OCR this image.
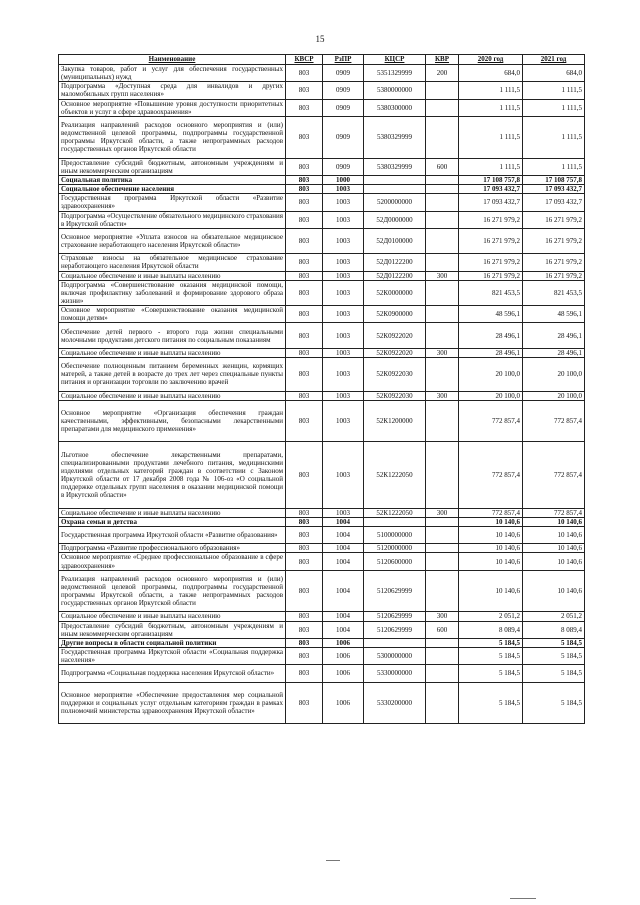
15
Наименование	КВСР	РзПР	КЦСР	КВР	2020 год	2021 год
Закупка товаров, работ и услуг для обеспечения государственных (муниципальных) нужд	803	0909	5351329999	200	684,0	684,0
Подпрограмма «Доступная среда для инвалидов и других маломобильных групп населения»	803	0909	5380000000		1 111,5	1 111,5
Основное мероприятие «Повышение уровня доступности приоритетных объектов и услуг в сфере здравоохранения»	803	0909	5380300000		1 111,5	1 111,5
Реализация направлений расходов основного мероприятия и (или) ведомственной целевой программы, подпрограммы государственной программы Иркутской области, а также непрограммных расходов государственных органов Иркутской области	803	0909	5380329999		1 111,5	1 111,5
Предоставление субсидий бюджетным, автономным учреждениям и иным некоммерческим организациям	803	0909	5380329999	600	1 111,5	1 111,5
Социальная политика	803	1000			17 108 757,8	17 108 757,8
Социальное обеспечение населения	803	1003			17 093 432,7	17 093 432,7
Государственная программа Иркутской области «Развитие здравоохранения»	803	1003	5200000000		17 093 432,7	17 093 432,7
Подпрограмма «Осуществление обязательного медицинского страхования в Иркутской области»	803	1003	52Д0000000		16 271 979,2	16 271 979,2
Основное мероприятие «Уплата взносов на обязательное медицинское страхование неработающего населения Иркутской области»	803	1003	52Д0100000		16 271 979,2	16 271 979,2
Страховые взносы на обязательное медицинское страхование неработающего населения Иркутской области	803	1003	52Д0122200		16 271 979,2	16 271 979,2
Социальное обеспечение и иные выплаты населению	803	1003	52Д0122200	300	16 271 979,2	16 271 979,2
Подпрограмма «Совершенствование оказания медицинской помощи, включая профилактику заболеваний и формирование здорового образа жизни»	803	1003	52К0000000		821 453,5	821 453,5
Основное мероприятие «Совершенствование оказания медицинской помощи детям»	803	1003	52К0900000		48 596,1	48 596,1
Обеспечение детей первого - второго года жизни специальными молочными продуктами детского питания по социальным показаниям	803	1003	52К0922020		28 496,1	28 496,1
Социальное обеспечение и иные выплаты населению	803	1003	52К0922020	300	28 496,1	28 496,1
Обеспечение полноценным питанием беременных женщин, кормящих матерей, а также детей в возрасте до трех лет через специальные пункты питания и организации торговли по заключению врачей	803	1003	52К0922030		20 100,0	20 100,0
Социальное обеспечение и иные выплаты населению	803	1003	52К0922030	300	20 100,0	20 100,0
Основное мероприятие «Организация обеспечения граждан качественными, эффективными, безопасными лекарственными препаратами для медицинского применения»	803	1003	52К1200000		772 857,4	772 857,4
Льготное обеспечение лекарственными препаратами, специализированными продуктами лечебного питания, медицинскими изделиями отдельных категорий граждан в соответствии с Законом Иркутской области от 17 декабря 2008 года № 106-оз «О социальной поддержке отдельных групп населения в оказании медицинской помощи в Иркутской области»	803	1003	52К1222050		772 857,4	772 857,4
Социальное обеспечение и иные выплаты населению	803	1003	52К1222050	300	772 857,4	772 857,4
Охрана семьи и детства	803	1004			10 140,6	10 140,6
Государственная программа Иркутской области «Развитие образования»	803	1004	5100000000		10 140,6	10 140,6
Подпрограмма «Развитие профессионального образования»	803	1004	5120000000		10 140,6	10 140,6
Основное мероприятие «Среднее профессиональное образование в сфере здравоохранения»	803	1004	5120600000		10 140,6	10 140,6
Реализация направлений расходов основного мероприятия и (или) ведомственной целевой программы, подпрограммы государственной программы Иркутской области, а также непрограммных расходов государственных органов Иркутской области	803	1004	5120629999		10 140,6	10 140,6
Социальное обеспечение и иные выплаты населению	803	1004	5120629999	300	2 051,2	2 051,2
Предоставление субсидий бюджетным, автономным учреждениям и иным некоммерческим организациям	803	1004	5120629999	600	8 089,4	8 089,4
Другие вопросы в области социальной политики	803	1006			5 184,5	5 184,5
Государственная программа Иркутской области «Социальная поддержка населения»	803	1006	5300000000		5 184,5	5 184,5
Подпрограмма «Социальная поддержка населения Иркутской области»	803	1006	5330000000		5 184,5	5 184,5
Основное мероприятие «Обеспечение предоставления мер социальной поддержки и социальных услуг отдельным категориям граждан в рамках полномочий министерства здравоохранения Иркутской области»	803	1006	5330200000		5 184,5	5 184,5
